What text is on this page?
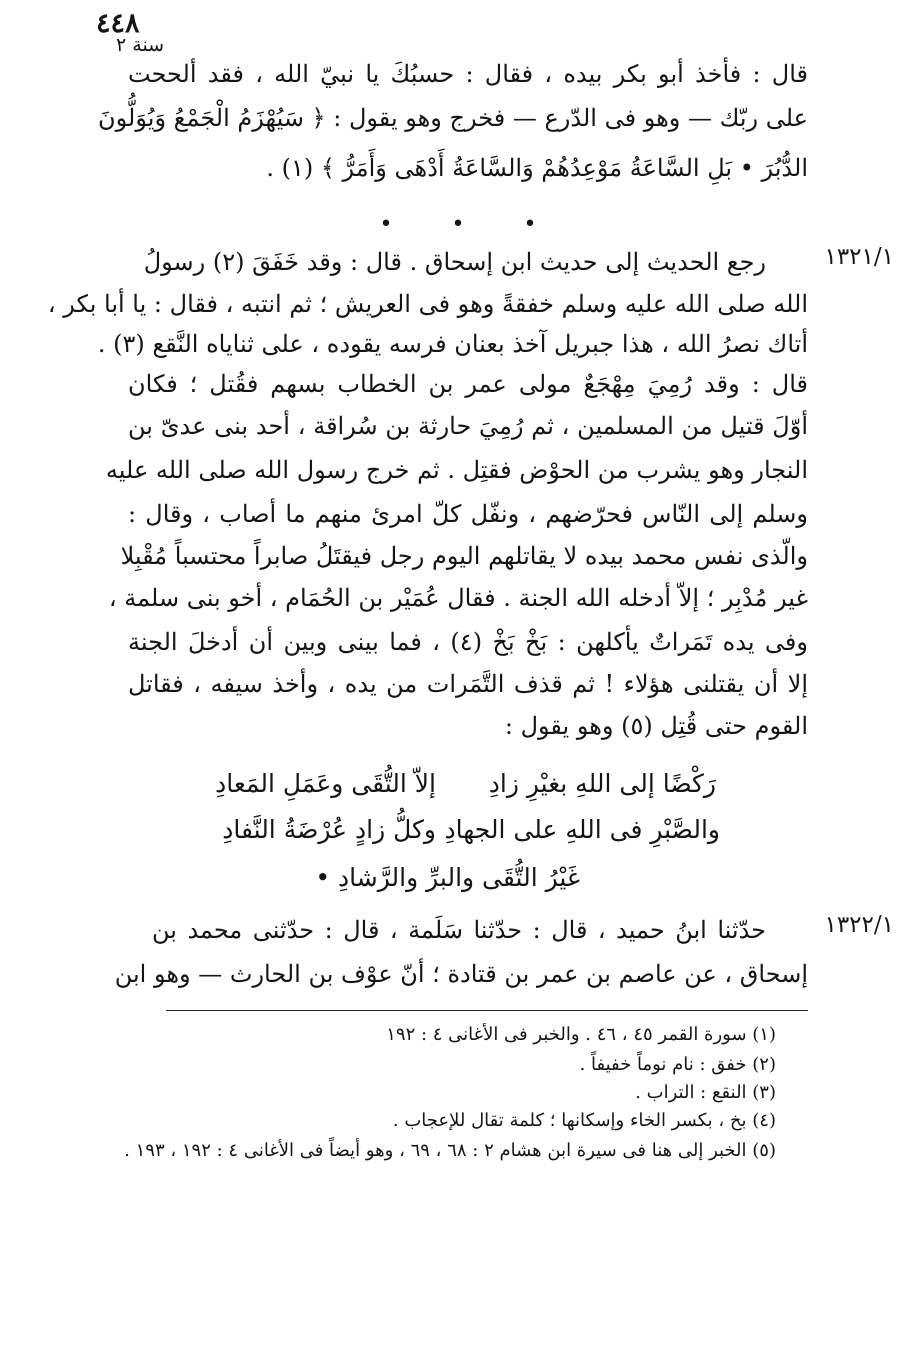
٤٤٨
سنة ٢
قال : فأخذ أبو بكر بيده ، فقال : حسبُكَ يا نبيّ الله ، فقد ألححت
على ربّك — وهو فى الدّرع — فخرج وهو يقول : ﴿ سَيُهْزَمُ الْجَمْعُ وَيُوَلُّونَ
الدُّبُرَ • بَلِ السَّاعَةُ مَوْعِدُهُمْ وَالسَّاعَةُ أَدْهَى وَأَمَرُّ ﴾ (١) .
• • •
١٣٢١/١
رجع الحديث إلى حديث ابن إسحاق . قال : وقد خَفَقَ (٢) رسولُ
الله صلى الله عليه وسلم خفقةً وهو فى العريش ؛ ثم انتبه ، فقال : يا أبا بكر ،
أتاك نصرُ الله ، هذا جبريل آخذ بعنان فرسه يقوده ، على ثناياه النَّقع (٣) .
قال : وقد رُمِيَ مِهْجَعٌ مولى عمر بن الخطاب بسهم فقُتل ؛ فكان
أوّلَ قتيل من المسلمين ، ثم رُمِيَ حارثة بن سُراقة ، أحد بنى عدىّ بن
النجار وهو يشرب من الحوْض فقتِل . ثم خرج رسول الله صلى الله عليه
وسلم إلى النّاس فحرّضهم ، ونفّل كلّ امرئ منهم ما أصاب ، وقال :
والّذى نفس محمد بيده لا يقاتلهم اليوم رجل فيقتَلُ صابراً محتسباً مُقْبِلا
غير مُدْبِر ؛ إلاّ أدخله الله الجنة . فقال عُمَيْر بن الحُمَام ، أخو بنى سلمة ،
وفى يده تَمَراتٌ يأكلهن : بَخْ بَخْ (٤) ، فما بينى وبين أن أدخلَ الجنة
إلا أن يقتلنى هؤلاء ! ثم قذف التَّمَرات من يده ، وأخذ سيفه ، فقاتل
القوم حتى قُتِل (٥) وهو يقول :
رَكْضًا إلى اللهِ بغيْرِ زادِ
إلاّ التُّقَى وعَمَلِ المَعادِ
والصَّبْرِ فى اللهِ على الجهادِ
وكلُّ زادٍ عُرْضَةُ النَّفادِ
غَيْرُ التُّقَى والبرِّ والرَّشادِ •
١٣٢٢/١
حدّثنا ابنُ حميد ، قال : حدّثنا سَلَمة ، قال : حدّثنى محمد بن
إسحاق ، عن عاصم بن عمر بن قتادة ؛ أنّ عوْف بن الحارث — وهو ابن
(١) سورة القمر ٤٥ ، ٤٦ . والخبر فى الأغانى ٤ : ١٩٢
(٢) خفق : نام نوماً خفيفاً .
(٣) النقع : التراب .
(٤) بخ ، بكسر الخاء وإسكانها ؛ كلمة تقال للإعجاب .
(٥) الخبر إلى هنا فى سيرة ابن هشام ٢ : ٦٨ ، ٦٩ ، وهو أيضاً فى الأغانى ٤ : ١٩٢ ، ١٩٣ .
